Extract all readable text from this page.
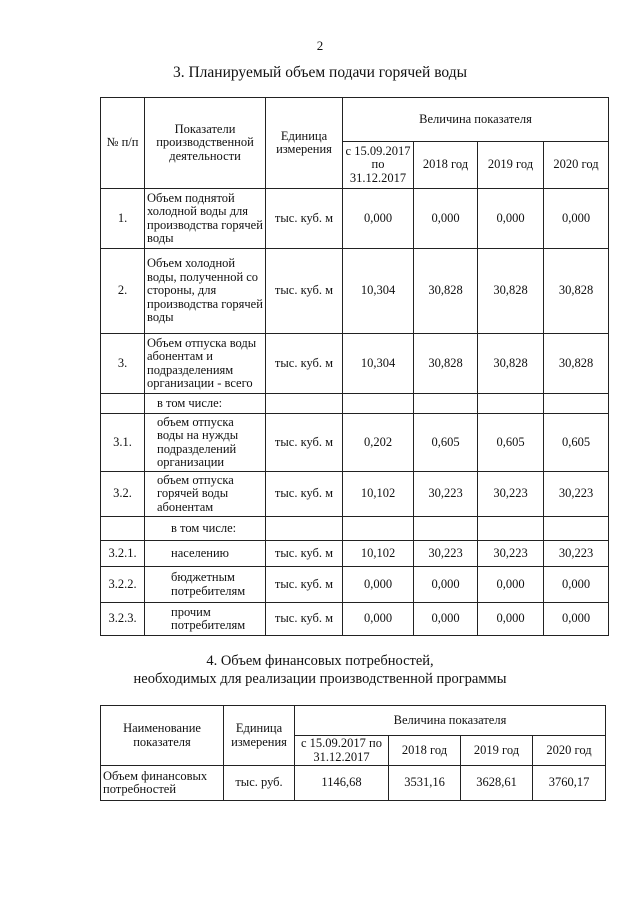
2
3. Планируемый объем подачи горячей воды
№ п/п	Показатели производственной деятельности	Единица измерения	Величина показателя			
			с 15.09.2017 по 31.12.2017	2018 год	2019 год	2020 год
1.	Объем поднятой холодной воды для производства горячей воды	тыс. куб. м	0,000	0,000	0,000	0,000
2.	Объем холодной воды, полученной со стороны, для производства горячей воды	тыс. куб. м	10,304	30,828	30,828	30,828
3.	Объем отпуска воды абонентам и подразделениям организации - всего	тыс. куб. м	10,304	30,828	30,828	30,828
	в том числе:					
3.1.	объем отпуска воды на нужды подразделений организации	тыс. куб. м	0,202	0,605	0,605	0,605
3.2.	объем отпуска горячей воды абонентам	тыс. куб. м	10,102	30,223	30,223	30,223
	в том числе:					
3.2.1.	населению	тыс. куб. м	10,102	30,223	30,223	30,223
3.2.2.	бюджетным потребителям	тыс. куб. м	0,000	0,000	0,000	0,000
3.2.3.	прочим потребителям	тыс. куб. м	0,000	0,000	0,000	0,000
4. Объем финансовых потребностей,
необходимых для реализации производственной программы
Наименование показателя	Единица измерения	Величина показателя			
		с 15.09.2017 по 31.12.2017	2018 год	2019 год	2020 год
Объем финансовых потребностей	тыс. руб.	1146,68	3531,16	3628,61	3760,17
